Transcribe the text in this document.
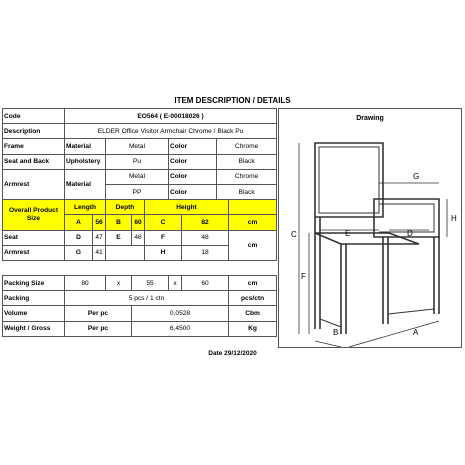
ITEM DESCRIPTION / DETAILS
Code	EO564 ( E-00018026 )								
Description	ELDER Office Visitor Armchair Chrome / Black Pu								
Frame	Material		Metal			Color		Chrome	
Seat and Back	Upholstery		Pu			Color		Black	
Armrest	Material		Metal			Color		Chrome	
			PP			Color		Black	
Overall Product Size	Length		Depth		Height				
	A	56	B	60	C		82		cm
Seat	D	47	E	46	F		48		cm
Armrest	G	41			H		18		

Packing Size	80		x	55		x	60		cm
Packing	5 pcs / 1 ctn								pcs/ctn
Volume	Per pc			0,0528					Cbm
Weight / Gross	Per pc			6,4500					Kg
Drawing
G
H
C
F
E	D
B	A
Date 29/12/2020
